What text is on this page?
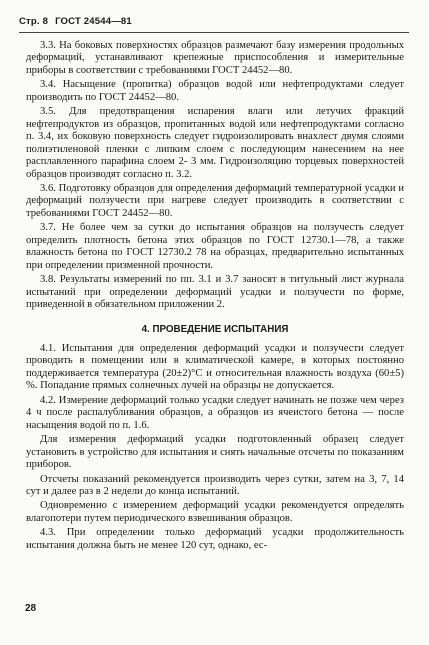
Стр. 8 ГОСТ 24544—81

3.3. На боковых поверхностях образцов размечают базу измерения продольных деформаций, устанавливают крепежные приспособления и измерительные приборы в соответствии с требованиями ГОСТ 24452—80.

3.4. Насыщение (пропитка) образцов водой или нефтепродуктами следует производить по ГОСТ 24452—80.

3.5. Для предотвращения испарения влаги или летучих фракций нефтепродуктов из образцов, пропитанных водой или нефтепродуктами согласно п. 3.4, их боковую поверхность следует гидроизолировать внахлест двумя слоями полиэтиленовой пленки с липким слоем с последующим нанесением на нее расплавленного парафина слоем 2- 3 мм. Гидроизоляцию торцевых поверхностей образцов производят согласно п. 3.2.

3.6. Подготовку образцов для определения деформаций температурной усадки и деформаций ползучести при нагреве следует производить в соответствии с требованиями ГОСТ 24452—80.

3.7. Не более чем за сутки до испытания образцов на ползучесть следует определить плотность бетона этих образцов по ГОСТ 12730.1—78, а также влажность бетона по ГОСТ 12730.2 78 на образцах, предварительно испытанных при определении призменной прочности.

3.8. Результаты измерений по пп. 3.1 и 3.7 заносят в титульный лист журнала испытаний при определении деформаций усадки и ползучести по форме, приведенной в обязательном приложении 2.

4. ПРОВЕДЕНИЕ ИСПЫТАНИЯ

4.1. Испытания для определения деформаций усадки и ползучести следует проводить в помещении или в климатической камере, в которых постоянно поддерживается температура (20±2)°С и относительная влажность воздуха (60±5) %. Попадание прямых солнечных лучей на образцы не допускается.

4.2. Измерение деформаций только усадки следует начинать не позже чем через 4 ч после распалубливания образцов, а образцов из ячеистого бетона — после насыщения водой по п. 1.6.

Для измерения деформаций усадки подготовленный образец следует установить в устройство для испытания и снять начальные отсчеты по показаниям приборов.

Отсчеты показаний рекомендуется производить через сутки, затем на 3, 7, 14 сут и далее раз в 2 недели до конца испытаний.

Одновременно с измерением деформаций усадки рекомендуется определять влагопотери путем периодического взвешивания образцов.

4.3. При определении только деформаций усадки продолжительность испытания должна быть не менее 120 сут, однако, ес-

28
